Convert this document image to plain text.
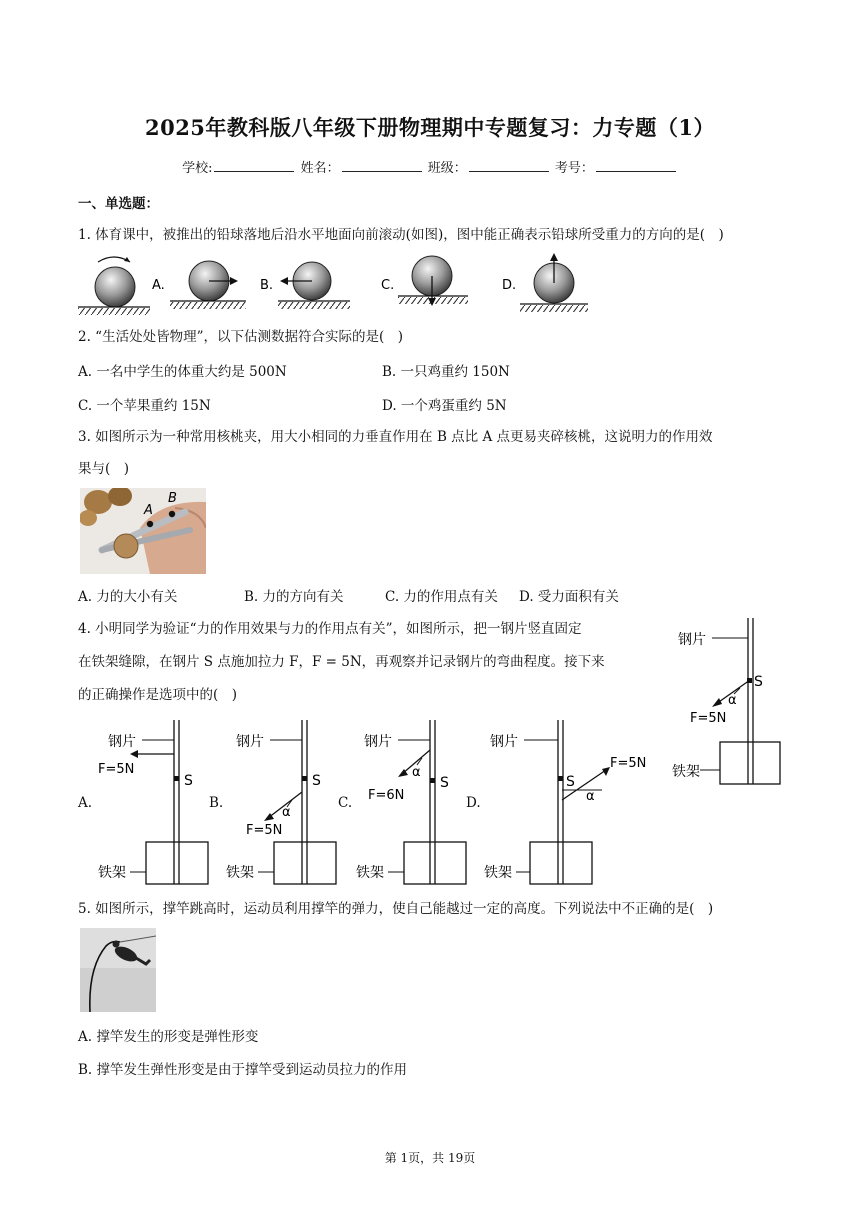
2025年教科版八年级下册物理期中专题复习：力专题（1）
学校:	姓名：	班级：	考号：
一、单选题：
1. 体育课中，被推出的铅球落地后沿水平地面向前滚动(如图)，图中能正确表示铅球所受重力的方向的是(　)
A.	B.	C.	D.
2. “生活处处皆物理”，以下估测数据符合实际的是(　)
A. 一名中学生的体重大约是 500N	B. 一只鸡重约 150N
C. 一个苹果重约 15N	D. 一个鸡蛋重约 5N
3. 如图所示为一种常用核桃夹，用大小相同的力垂直作用在 B 点比 A 点更易夹碎核桃，这说明力的作用效
果与(　)
A
B
A. 力的大小有关	B. 力的方向有关	C. 力的作用点有关 D. 受力面积有关
4. 小明同学为验证“力的作用效果与力的作用点有关”，如图所示，把一钢片竖直固定
在铁架缝隙，在钢片 S 点施加拉力 F，F = 5N，再观察并记录钢片的弯曲程度。接下来
的正确操作是选项中的(　)
钢片
S
α
F=5N
铁架
A.
钢片
F=5N
S
铁架
B.
钢片
S
α
F=5N
铁架
C.
钢片
α
F=6N
S
铁架
D.
钢片
S
α
F=5N
铁架
5. 如图所示，撑竿跳高时，运动员利用撑竿的弹力，使自己能越过一定的高度。下列说法中不正确的是(　)
A. 撑竿发生的形变是弹性形变
B. 撑竿发生弹性形变是由于撑竿受到运动员拉力的作用
第 1页，共 19页
